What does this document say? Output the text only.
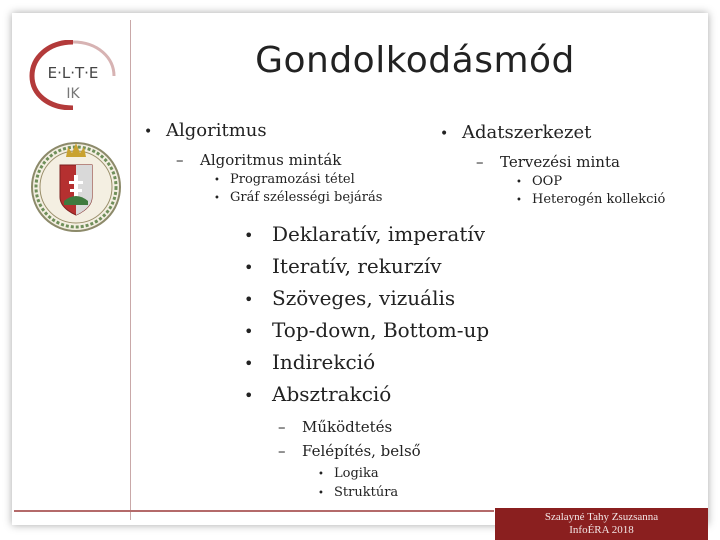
E·L·T·E
IK
Gondolkodásmód
• Algoritmus
–	Algoritmus minták
• Programozási tétel
• Gráf szélességi bejárás
• Adatszerkezet
–	Tervezési minta
• OOP
• Heterogén kollekció
• Deklaratív, imperatív
• Iteratív, rekurzív
• Szöveges, vizuális
• Top-down, Bottom-up
• Indirekció
• Absztrakció
–	Működtetés
–	Felépítés, belső
• Logika
• Struktúra
Szalayné Tahy Zsuzsanna
InfoÉRA 2018
